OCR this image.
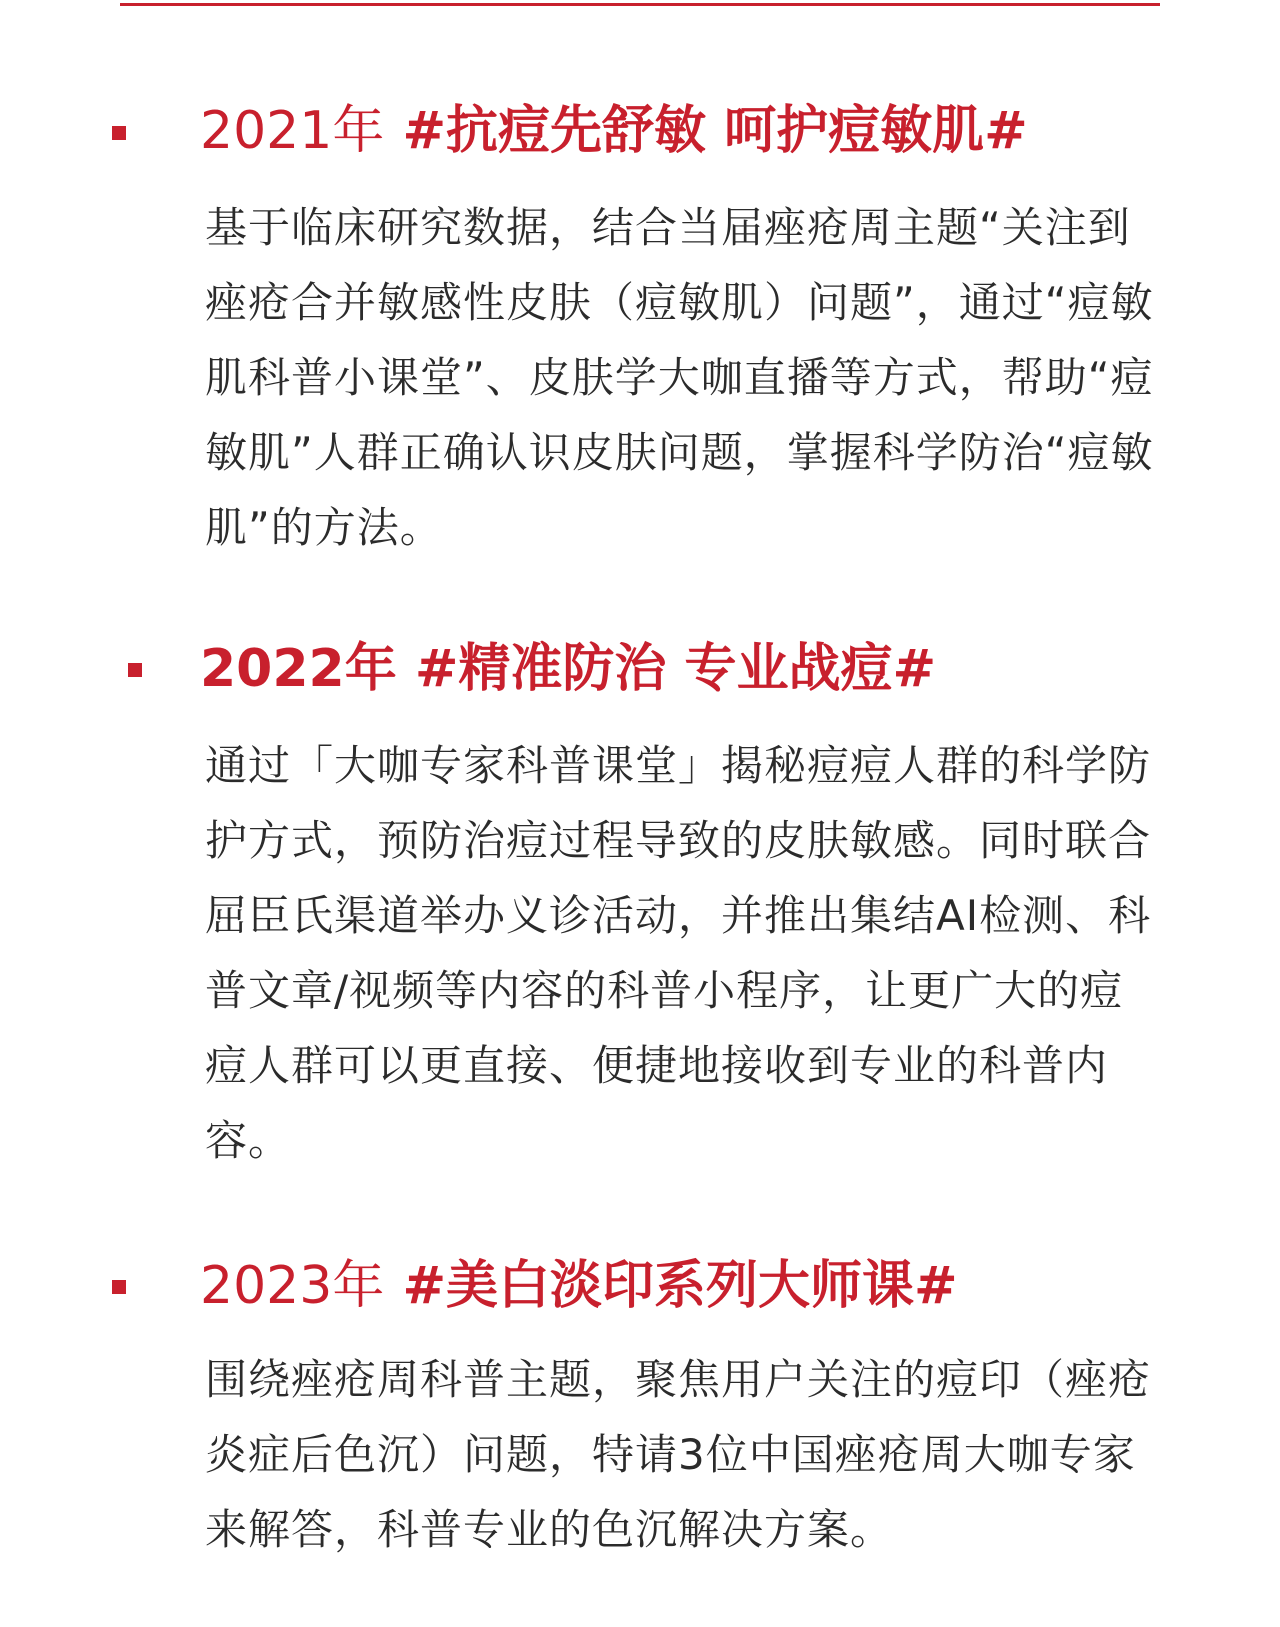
2021年 #抗痘先舒敏 呵护痘敏肌#

基于临床研究数据，结合当届痤疮周主题“关注到痤疮合并敏感性皮肤（痘敏肌）问题”，通过“痘敏肌科普小课堂”、皮肤学大咖直播等方式，帮助“痘敏肌”人群正确认识皮肤问题，掌握科学防治“痘敏肌”的方法。

2022年 #精准防治 专业战痘#

通过「大咖专家科普课堂」揭秘痘痘人群的科学防护方式，预防治痘过程导致的皮肤敏感。同时联合屈臣氏渠道举办义诊活动，并推出集结AI检测、科普文章/视频等内容的科普小程序，让更广大的痘痘人群可以更直接、便捷地接收到专业的科普内容。

2023年 #美白淡印系列大师课#

围绕痤疮周科普主题，聚焦用户关注的痘印（痤疮炎症后色沉）问题，特请3位中国痤疮周大咖专家来解答，科普专业的色沉解决方案。
